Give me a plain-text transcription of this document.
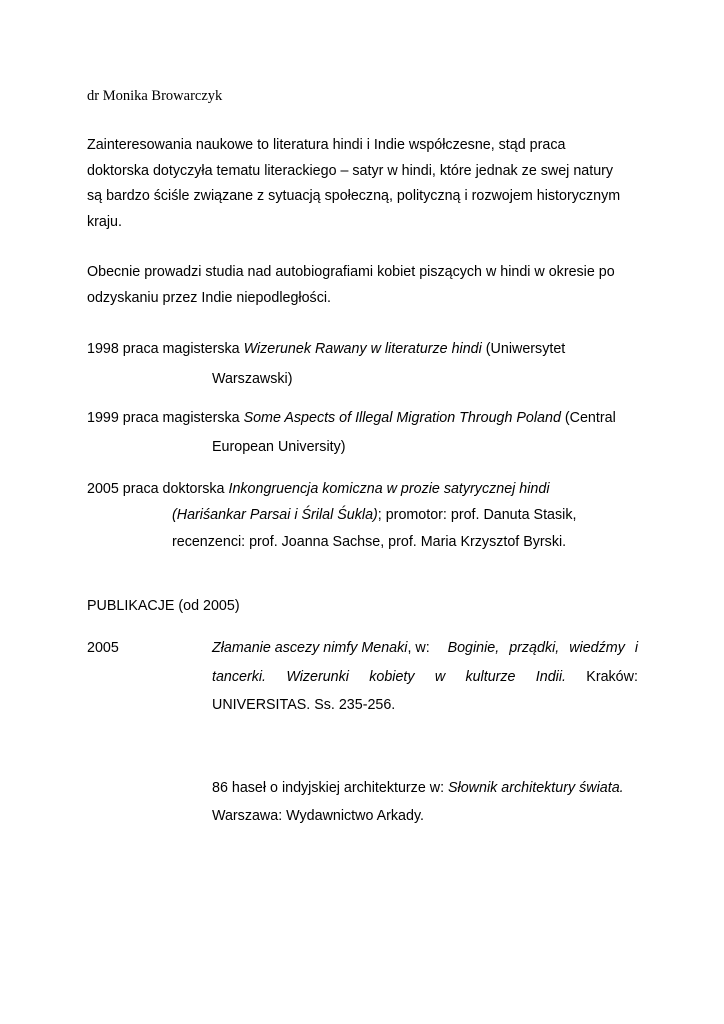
dr Monika Browarczyk
Zainteresowania naukowe to literatura hindi i Indie współczesne, stąd praca
doktorska dotyczyła tematu literackiego – satyr w hindi, które jednak ze swej natury
są bardzo ściśle związane z sytuacją społeczną, polityczną i rozwojem historycznym
kraju.
Obecnie prowadzi studia nad autobiografiami kobiet piszących w hindi w okresie po
odzyskaniu przez Indie niepodległości.
1998 praca magisterska Wizerunek Rawany w literaturze hindi (Uniwersytet
Warszawski)
1999 praca magisterska Some Aspects of Illegal Migration Through Poland (Central
European University)
2005 praca doktorska Inkongruencja komiczna w prozie satyrycznej hindi
(Hariśankar Parsai i Śrilal Śukla); promotor: prof. Danuta Stasik,
recenzenci: prof. Joanna Sachse, prof. Maria Krzysztof Byrski.
PUBLIKACJE (od 2005)
2005	Złamanie ascezy nimfy Menaki, w: Boginie, prządki, wiedźmy i
tancerki. Wizerunki kobiety w kulturze Indii. Kraków:
UNIVERSITAS. Ss. 235-256.
86 haseł o indyjskiej architekturze w: Słownik architektury świata.
Warszawa: Wydawnictwo Arkady.
